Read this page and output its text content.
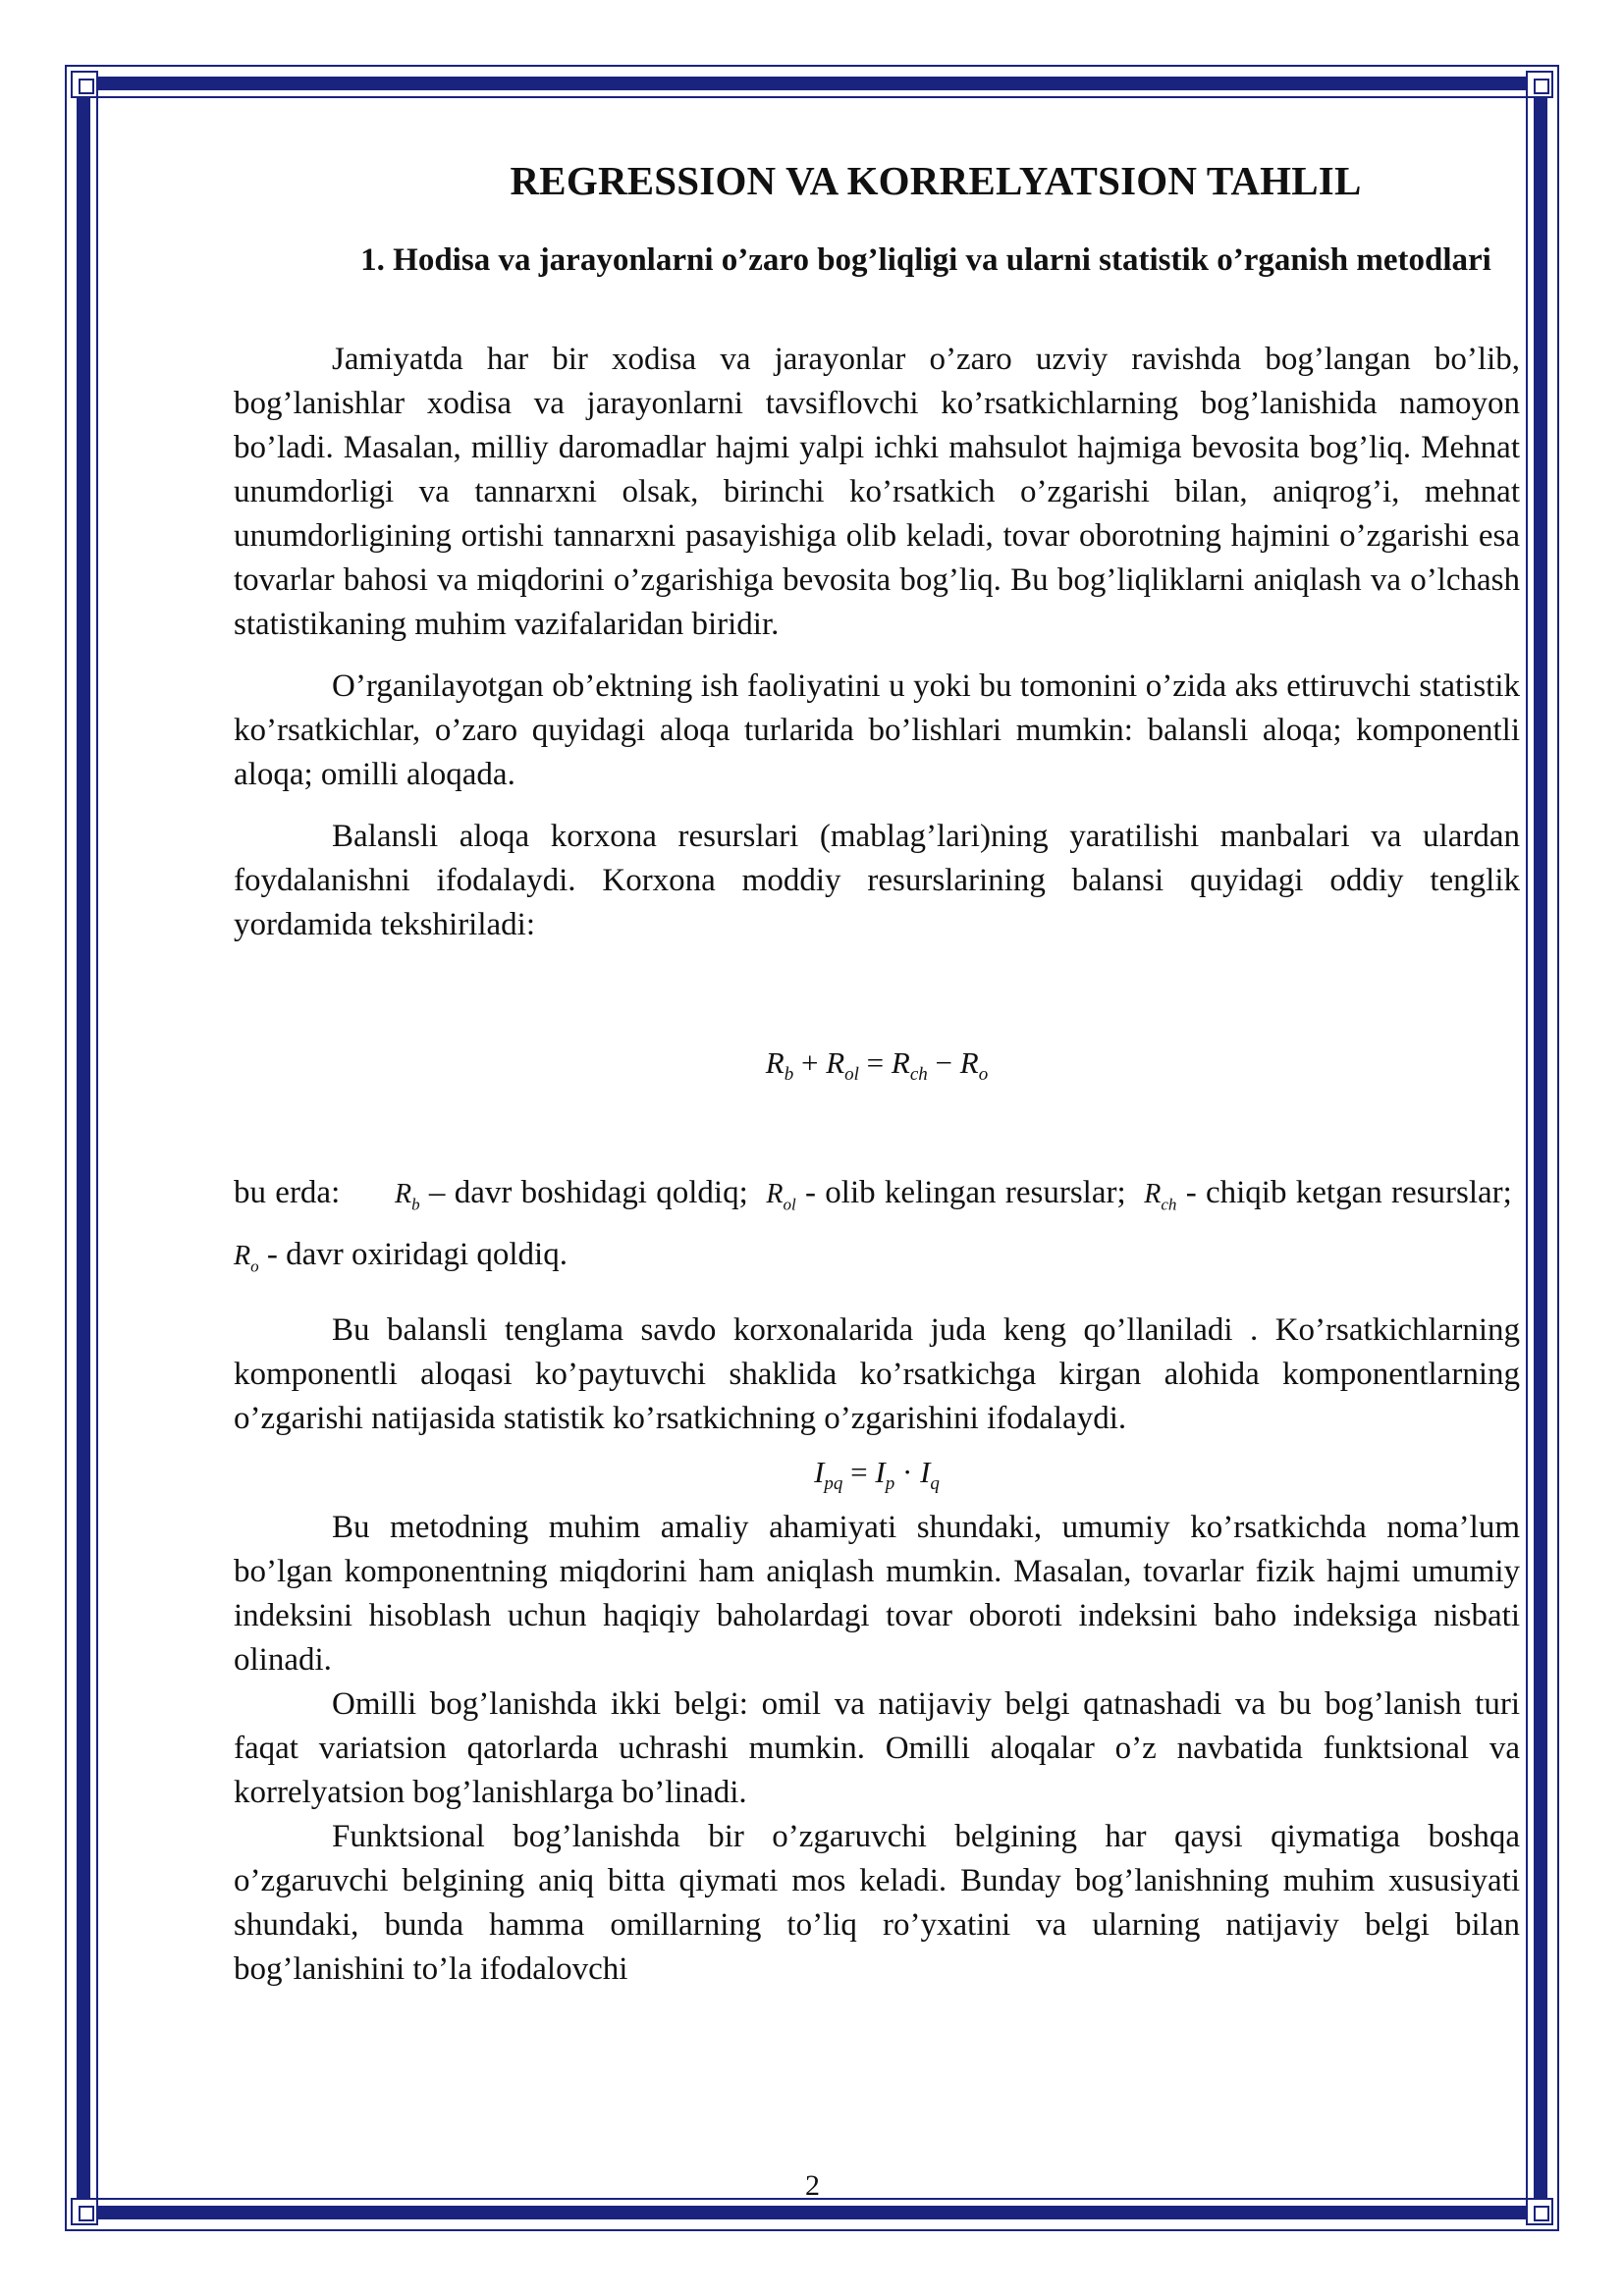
REGRESSION VA KORRELYATSION TAHLIL
1. Hodisa va jarayonlarni o’zaro bog’liqligi va ularni statistik o’rganish metodlari

Jamiyatda har bir xodisa va jarayonlar o’zaro uzviy ravishda bog’langan bo’lib, bog’lanishlar xodisa va jarayonlarni tavsiflovchi ko’rsatkichlarning bog’lanishida namoyon bo’ladi. Masalan, milliy daromadlar hajmi yalpi ichki mahsulot hajmiga bevosita bog’liq. Mehnat unumdorligi va tannarxni olsak, birinchi ko’rsatkich o’zgarishi bilan, aniqrog’i, mehnat unumdorligining ortishi tannarxni pasayishiga olib keladi, tovar oborotning hajmini o’zgarishi esa tovarlar bahosi va miqdorini o’zgarishiga bevosita bog’liq. Bu bog’liqliklarni aniqlash va o’lchash statistikaning muhim vazifalaridan biridir.

O’rganilayotgan ob’ektning ish faoliyatini u yoki bu tomonini o’zida aks ettiruvchi statistik ko’rsatkichlar, o’zaro quyidagi aloqa turlarida bo’lishlari mumkin: balansli aloqa; komponentli aloqa; omilli aloqada.

Balansli aloqa korxona resurslari (mablag’lari)ning yaratilishi manbalari va ulardan foydalanishni ifodalaydi. Korxona moddiy resurslarining balansi quyidagi oddiy tenglik yordamida tekshiriladi:

$R_b + R_{ol} = R_{ch} - R_o$

bu erda: $R_b$ – davr boshidagi qoldiq; $R_{ol}$ - olib kelingan resurslar; $R_{ch}$ - chiqib ketgan resurslar;  $R_o$ - davr oxiridagi qoldiq.

Bu balansli tenglama savdo korxonalarida juda keng qo’llaniladi . Ko’rsatkichlarning komponentli aloqasi ko’paytuvchi shaklida ko’rsatkichga kirgan alohida komponentlarning o’zgarishi natijasida statistik ko’rsatkichning o’zgarishini ifodalaydi.

$I_{pq} = I_p \cdot I_q$

Bu metodning muhim amaliy ahamiyati shundaki, umumiy ko’rsatkichda noma’lum bo’lgan komponentning miqdorini ham aniqlash mumkin. Masalan, tovarlar fizik hajmi umumiy indeksini hisoblash uchun haqiqiy baholardagi tovar oboroti indeksini baho indeksiga nisbati olinadi.

Omilli bog’lanishda ikki belgi: omil va natijaviy belgi qatnashadi va bu bog’lanish turi faqat variatsion qatorlarda uchrashi mumkin. Omilli aloqalar o’z navbatida funktsional va korrelyatsion bog’lanishlarga bo’linadi.

Funktsional bog’lanishda bir o’zgaruvchi belgining har qaysi qiymatiga boshqa o’zgaruvchi belgining aniq bitta qiymati mos keladi. Bunday bog’lanishning muhim xususiyati shundaki, bunda hamma omillarning to’liq ro’yxatini va ularning natijaviy belgi bilan bog’lanishini to’la ifodalovchi

2
